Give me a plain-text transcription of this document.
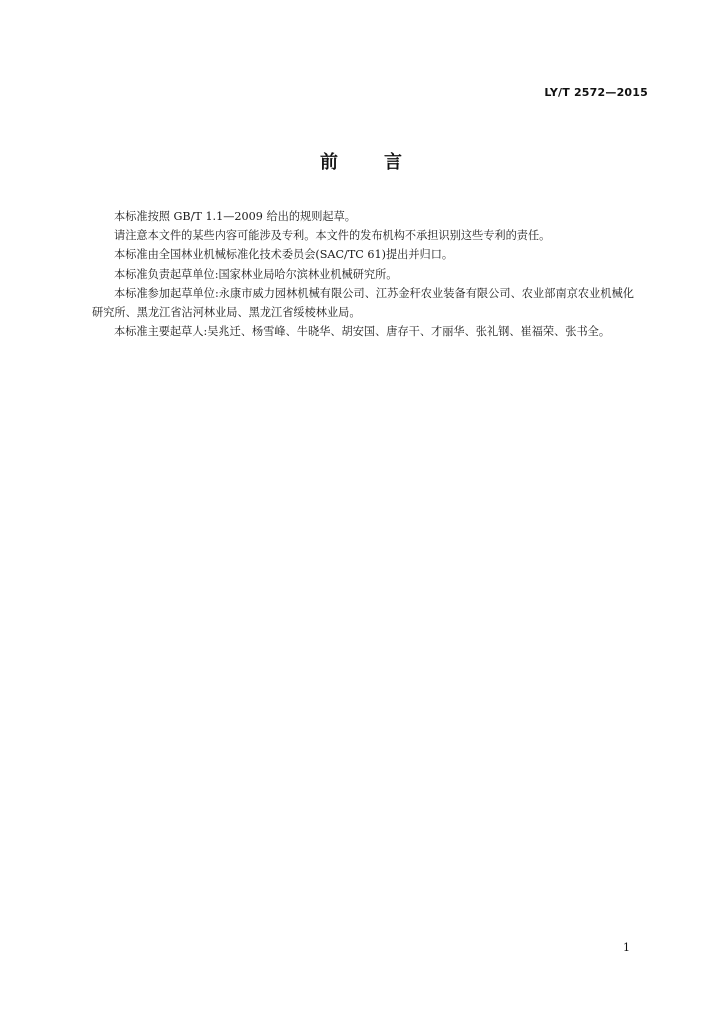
LY/T 2572—2015
前言

本标准按照 GB/T 1.1—2009 给出的规则起草。

请注意本文件的某些内容可能涉及专利。本文件的发布机构不承担识别这些专利的责任。

本标准由全国林业机械标准化技术委员会(SAC/TC 61)提出并归口。

本标准负责起草单位:国家林业局哈尔滨林业机械研究所。

本标准参加起草单位:永康市威力园林机械有限公司、江苏金秆农业装备有限公司、农业部南京农业机械化研究所、黑龙江省沾河林业局、黑龙江省绥棱林业局。

本标准主要起草人:吴兆迁、杨雪峰、牛晓华、胡安国、唐存干、才丽华、张礼钢、崔福荣、张书全。

1
